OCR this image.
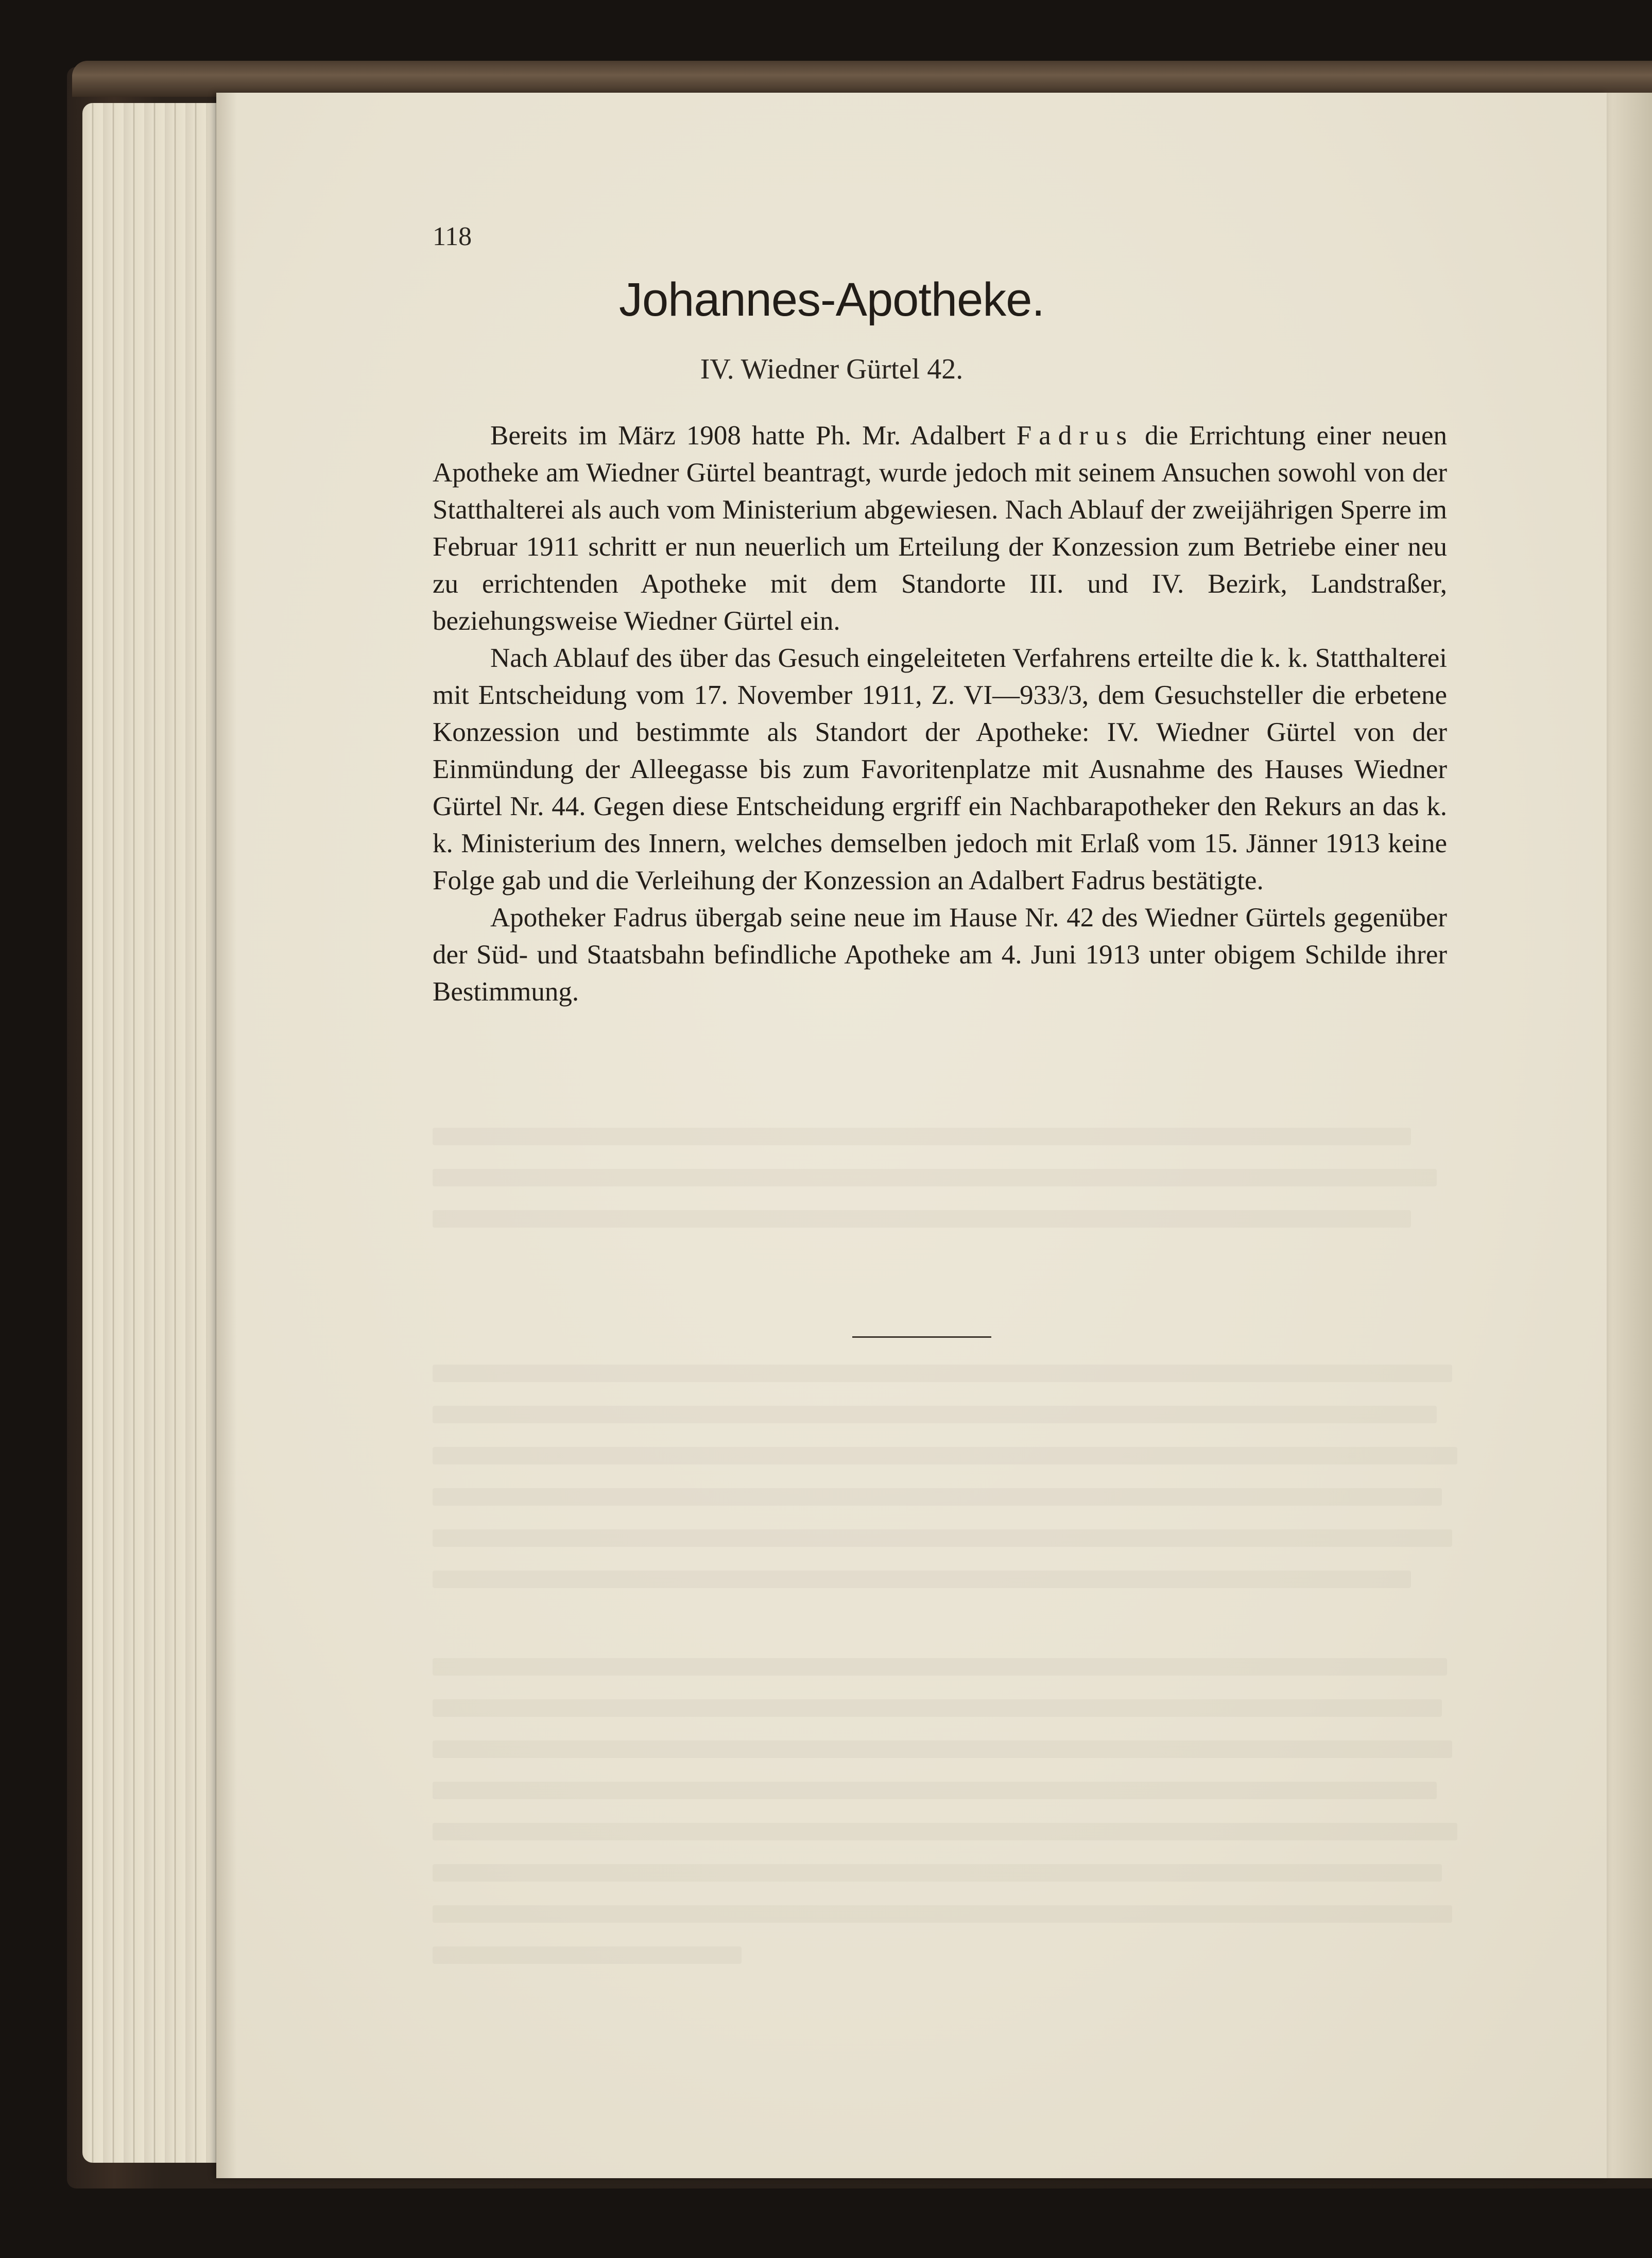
118
Johannes-Apotheke.
IV. Wiedner Gürtel 42.

Bereits im März 1908 hatte Ph. Mr. Adalbert Fadrus die Errichtung einer neuen Apotheke am Wiedner Gürtel beantragt, wurde jedoch mit seinem Ansuchen sowohl von der Statthalterei als auch vom Ministerium abgewiesen. Nach Ablauf der zweijährigen Sperre im Februar 1911 schritt er nun neuerlich um Erteilung der Konzession zum Betriebe einer neu zu errichtenden Apotheke mit dem Standorte III. und IV. Bezirk, Landstraßer, beziehungsweise Wiedner Gürtel ein.

Nach Ablauf des über das Gesuch eingeleiteten Verfahrens erteilte die k. k. Statthalterei mit Entscheidung vom 17. November 1911, Z. VI—933/3, dem Gesuchsteller die erbetene Konzession und bestimmte als Standort der Apotheke: IV. Wiedner Gürtel von der Einmündung der Alleegasse bis zum Favoritenplatze mit Ausnahme des Hauses Wiedner Gürtel Nr. 44. Gegen diese Entscheidung ergriff ein Nachbarapotheker den Rekurs an das k. k. Ministerium des Innern, welches demselben jedoch mit Erlaß vom 15. Jänner 1913 keine Folge gab und die Verleihung der Konzession an Adalbert Fadrus bestätigte.

Apotheker Fadrus übergab seine neue im Hause Nr. 42 des Wiedner Gürtels gegenüber der Süd- und Staatsbahn befindliche Apotheke am 4. Juni 1913 unter obigem Schilde ihrer Bestimmung.
